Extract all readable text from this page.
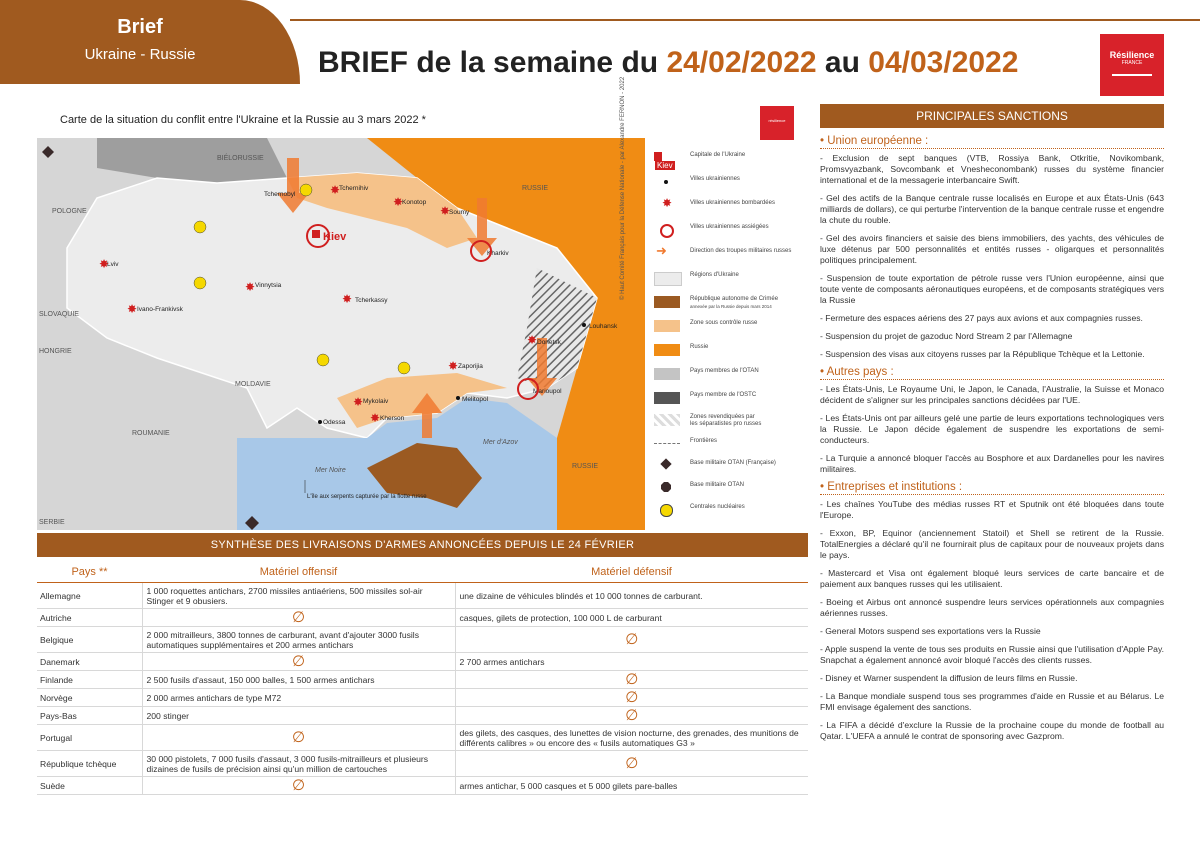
Brief
Ukraine - Russie	BRIEF de la semaine du 24/02/2022 au 04/03/2022	Résilience
FRANCE
Carte de la situation du conflit entre l'Ukraine et la Russie au 3 mars 2022 *	résilience
BIÉLORUSSIE
POLOGNE
RUSSIE
RUSSIE
SLOVAQUIE
HONGRIE
MOLDAVIE
ROUMANIE
SERBIE
Mer Noire
Mer d'Azov
Tchernobyl
Tchernihiv
Konotop
Soumy
Kharkiv
Lviv
Vinnytsia
Tcherkassy
Ivano-Frankivsk
Zaporijia
Donetsk
Louhansk
Marioupol
Melitopol
Mykolaiv
Kherson
Odessa
✸
✸
✸
✸
✸
✸
✸
✸
✸
✸
✸
Kiev
L'île aux serpents capturée par la flotte russe
© Haut Comité Français pour la Défense Nationale - par Alexandre FERNON - 2022	Kiev
Capitale de l'Ukraine
Villes ukrainiennes
✸	Villes ukrainiennes bombardées
Villes ukrainiennes assiégées
➜	Direction des troupes militaires russes
Régions d'Ukraine
République autonome de Crimée
annexée par la Russie depuis mars 2014
Zone sous contrôle russe
Russie
Pays membres de l'OTAN
Pays membre de l'OSTC
Zones revendiquées par
les séparatistes pro russes
Frontières
Base militaire OTAN (Française)
Base militaire OTAN
Centrales nucléaires
PRINCIPALES SANCTIONS
• Union européenne :
- Exclusion de sept banques (VTB, Rossiya Bank, Otkritie, Novikombank, Promsvyazbank, Sovcombank et Vnesheconombank) russes du système financier international et de la messagerie interbancaire Swift.
- Gel des actifs de la Banque centrale russe localisés en Europe et aux États-Unis (643 milliards de dollars), ce qui perturbe l'intervention de la banque centrale russe et engendre la chute du rouble.
- Gel des avoirs financiers et saisie des biens immobiliers, des yachts, des véhicules de luxe détenus par 500 personnalités et entités russes - oligarques et personnalités politiques principalement.
- Suspension de toute exportation de pétrole russe vers l'Union européenne, ainsi que toute vente de composants aéronautiques européens, et de composants stratégiques vers la Russie
- Fermeture des espaces aériens des 27 pays aux avions et aux compagnies russes.
- Suspension du projet de gazoduc Nord Stream 2 par l'Allemagne
- Suspension des visas aux citoyens russes par la République Tchèque et la Lettonie.
• Autres pays :
- Les États-Unis, Le Royaume Uni, le Japon, le Canada, l'Australie, la Suisse et Monaco décident de s'aligner sur les principales sanctions décidées par l'UE.
- Les États-Unis ont par ailleurs gelé une partie de leurs exportations technologiques vers la Russie. Le Japon décide également de suspendre les exportations de semi-conducteurs.
- La Turquie a annoncé bloquer l'accès au Bosphore et aux Dardanelles pour les navires militaires.
• Entreprises et institutions :
- Les chaînes YouTube des médias russes RT et Sputnik ont été bloquées dans toute l'Europe.
- Exxon, BP, Equinor (anciennement Statoil) et Shell se retirent de la Russie. TotalEnergies a déclaré qu'il ne fournirait plus de capitaux pour de nouveaux projets dans le pays.
- Mastercard et Visa ont également bloqué leurs services de carte bancaire et de paiement aux banques russes qui les utilisaient.
- Boeing et Airbus ont annoncé suspendre leurs services opérationnels aux compagnies aériennes russes.
- General Motors suspend ses exportations vers la Russie
- Apple suspend la vente de tous ses produits en Russie ainsi que l'utilisation d'Apple Pay. Snapchat a également annoncé avoir bloqué l'accès des clients russes.
- Disney et Warner suspendent la diffusion de leurs films en Russie.
- La Banque mondiale suspend tous ses programmes d'aide en Russie et au Bélarus. Le FMI envisage également des sanctions.
- La FIFA a décidé d'exclure la Russie de la prochaine coupe du monde de football au Qatar. L'UEFA a annulé le contrat de sponsoring avec Gazprom.
SYNTHÈSE DES LIVRAISONS D'ARMES ANNONCÉES DEPUIS LE 24 FÉVRIER
Pays **	Matériel offensif	Matériel défensif
Allemagne	1 000 roquettes antichars, 2700 missiles antiaériens, 500 missiles sol-air Stinger et 9 obusiers.	une dizaine de véhicules blindés et 10 000 tonnes de carburant.
Autriche	∅	casques, gilets de protection, 100 000 L de carburant
Belgique	2 000 mitrailleurs, 3800 tonnes de carburant, avant d'ajouter 3000 fusils automatiques supplémentaires et 200 armes antichars	∅
Danemark	∅	2 700 armes antichars
Finlande	2 500 fusils d'assaut, 150 000 balles, 1 500 armes antichars	∅
Norvège	2 000 armes antichars de type M72	∅
Pays-Bas	200 stinger	∅
Portugal	∅	des gilets, des casques, des lunettes de vision nocturne, des grenades, des munitions de différents calibres » ou encore des « fusils automatiques G3 »
République tchèque	30 000 pistolets, 7 000 fusils d'assaut, 3 000 fusils-mitrailleurs et plusieurs dizaines de fusils de précision ainsi qu'un million de cartouches	∅
Suède	∅	armes antichar, 5 000 casques et 5 000 gilets pare-balles
